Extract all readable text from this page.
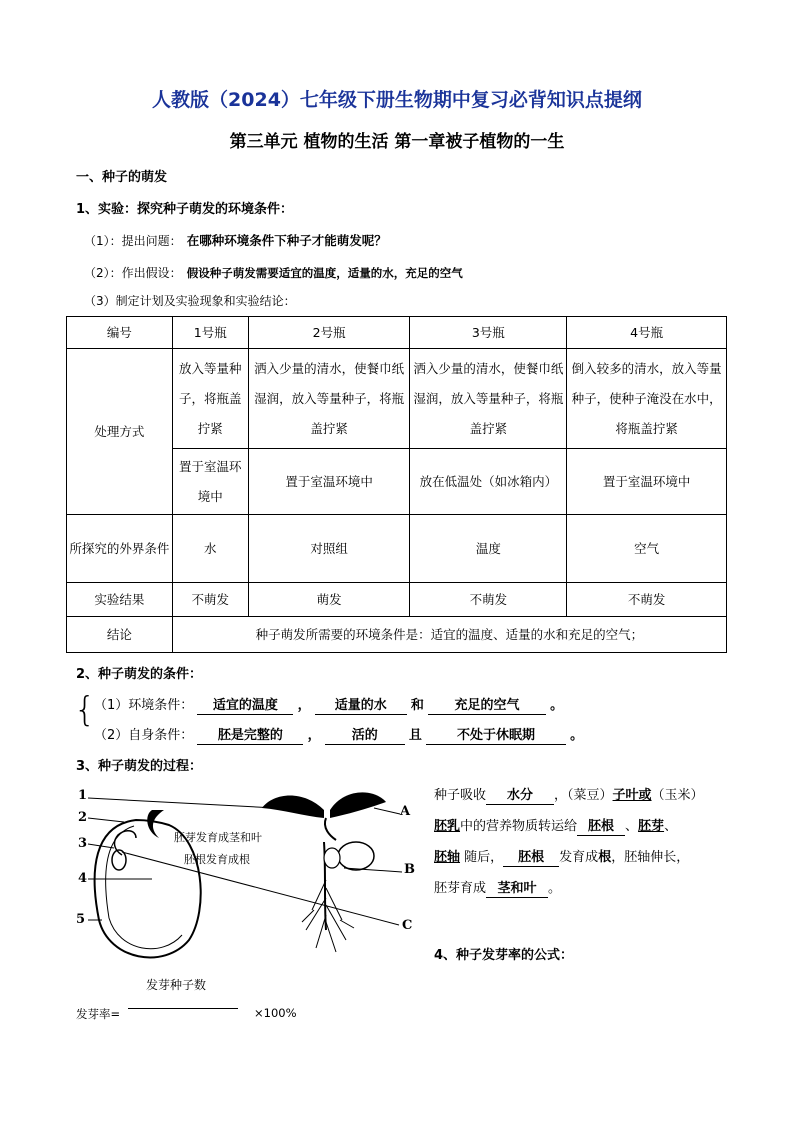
人教版（2024）七年级下册生物期中复习必背知识点提纲
第三单元 植物的生活 第一章被子植物的一生
一、种子的萌发
1、实验：探究种子萌发的环境条件：
（1）：提出问题： 在哪种环境条件下种子才能萌发呢？
（2）：作出假设： 假设种子萌发需要适宜的温度，适量的水，充足的空气
（3）制定计划及实验现象和实验结论：
编号	1号瓶	2号瓶	3号瓶	4号瓶
处理方式	放入等量种子，将瓶盖拧紧	洒入少量的清水，使餐巾纸湿润，放入等量种子，将瓶盖拧紧	洒入少量的清水，使餐巾纸湿润，放入等量种子，将瓶盖拧紧	倒入较多的清水，放入等量种子，使种子淹没在水中，将瓶盖拧紧
	置于室温环境中	置于室温环境中	放在低温处（如冰箱内）	置于室温环境中
所探究的外界条件	水	对照组	温度	空气
实验结果	不萌发	萌发	不萌发	不萌发
结论	种子萌发所需要的环境条件是：适宜的温度、适量的水和充足的空气；			
2、种子萌发的条件：
{
（1）环境条件： 适宜的温度 ， 适量的水 和 充足的空气 。
（2）自身条件： 胚是完整的 ， 活的 且	不处于休眠期	。
3、种子萌发的过程：
1
2
3
4
5
A
B
C
胚芽发育成茎和叶
胚根发育成根
种子吸收 水分 ，（菜豆）子叶或（玉米）
胚乳中的营养物质转运给 胚根 、胚芽、
胚轴 随后， 胚根 发育成根，胚轴伸长，
胚芽育成 茎和叶 。
4、种子发芽率的公式：
发芽种子数
发芽率=	×100%
